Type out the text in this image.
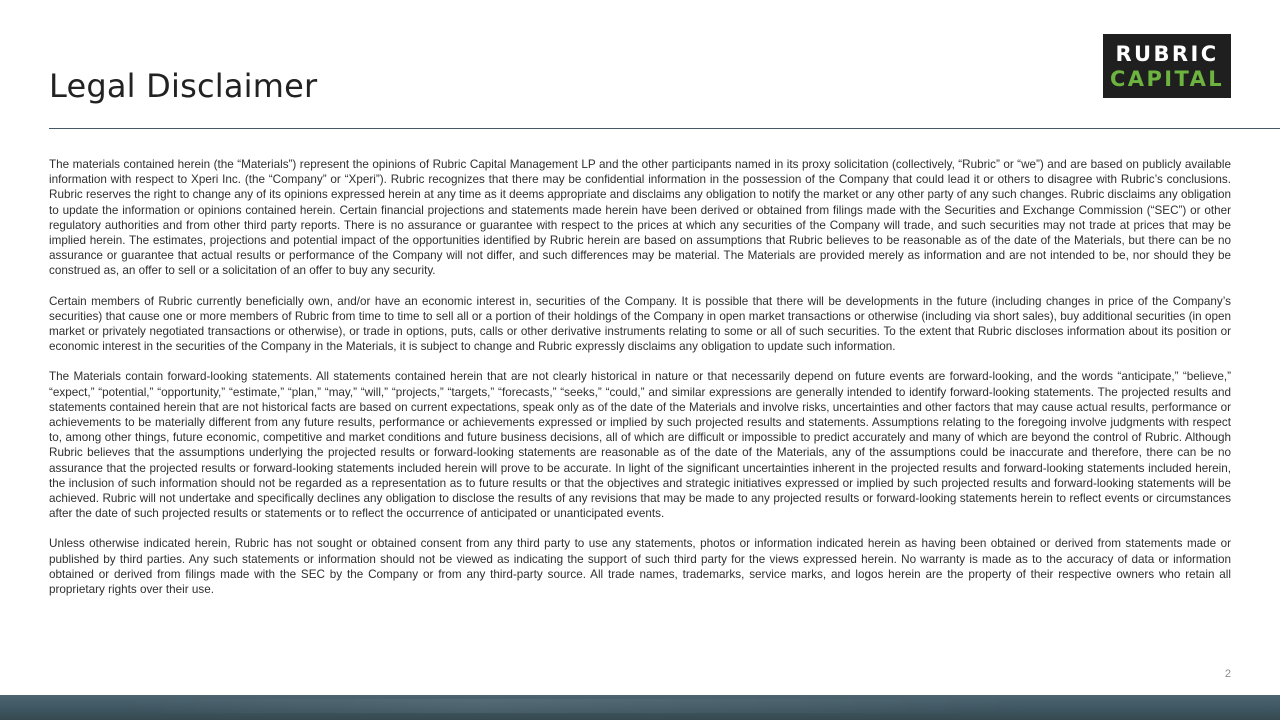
Legal Disclaimer
RUBRIC
CAPITAL

The materials contained herein (the “Materials”) represent the opinions of Rubric Capital Management LP and the other participants named in its proxy solicitation (collectively, “Rubric” or “we”) and are based on publicly available information with respect to Xperi Inc. (the “Company” or “Xperi”). Rubric recognizes that there may be confidential information in the possession of the Company that could lead it or others to disagree with Rubric’s conclusions. Rubric reserves the right to change any of its opinions expressed herein at any time as it deems appropriate and disclaims any obligation to notify the market or any other party of any such changes. Rubric disclaims any obligation to update the information or opinions contained herein. Certain financial projections and statements made herein have been derived or obtained from filings made with the Securities and Exchange Commission (“SEC”) or other regulatory authorities and from other third party reports. There is no assurance or guarantee with respect to the prices at which any securities of the Company will trade, and such securities may not trade at prices that may be implied herein. The estimates, projections and potential impact of the opportunities identified by Rubric herein are based on assumptions that Rubric believes to be reasonable as of the date of the Materials, but there can be no assurance or guarantee that actual results or performance of the Company will not differ, and such differences may be material. The Materials are provided merely as information and are not intended to be, nor should they be construed as, an offer to sell or a solicitation of an offer to buy any security.

Certain members of Rubric currently beneficially own, and/or have an economic interest in, securities of the Company. It is possible that there will be developments in the future (including changes in price of the Company’s securities) that cause one or more members of Rubric from time to time to sell all or a portion of their holdings of the Company in open market transactions or otherwise (including via short sales), buy additional securities (in open market or privately negotiated transactions or otherwise), or trade in options, puts, calls or other derivative instruments relating to some or all of such securities. To the extent that Rubric discloses information about its position or economic interest in the securities of the Company in the Materials, it is subject to change and Rubric expressly disclaims any obligation to update such information.

The Materials contain forward-looking statements. All statements contained herein that are not clearly historical in nature or that necessarily depend on future events are forward-looking, and the words “anticipate,” “believe,” “expect,” “potential,” “opportunity,” “estimate,” “plan,” “may,” “will,” “projects,” “targets,” “forecasts,” “seeks,” “could,” and similar expressions are generally intended to identify forward-looking statements. The projected results and statements contained herein that are not historical facts are based on current expectations, speak only as of the date of the Materials and involve risks, uncertainties and other factors that may cause actual results, performance or achievements to be materially different from any future results, performance or achievements expressed or implied by such projected results and statements. Assumptions relating to the foregoing involve judgments with respect to, among other things, future economic, competitive and market conditions and future business decisions, all of which are difficult or impossible to predict accurately and many of which are beyond the control of Rubric. Although Rubric believes that the assumptions underlying the projected results or forward-looking statements are reasonable as of the date of the Materials, any of the assumptions could be inaccurate and therefore, there can be no assurance that the projected results or forward-looking statements included herein will prove to be accurate. In light of the significant uncertainties inherent in the projected results and forward-looking statements included herein, the inclusion of such information should not be regarded as a representation as to future results or that the objectives and strategic initiatives expressed or implied by such projected results and forward-looking statements will be achieved. Rubric will not undertake and specifically declines any obligation to disclose the results of any revisions that may be made to any projected results or forward-looking statements herein to reflect events or circumstances after the date of such projected results or statements or to reflect the occurrence of anticipated or unanticipated events.

Unless otherwise indicated herein, Rubric has not sought or obtained consent from any third party to use any statements, photos or information indicated herein as having been obtained or derived from statements made or published by third parties. Any such statements or information should not be viewed as indicating the support of such third party for the views expressed herein. No warranty is made as to the accuracy of data or information obtained or derived from filings made with the SEC by the Company or from any third-party source. All trade names, trademarks, service marks, and logos herein are the property of their respective owners who retain all proprietary rights over their use.

2
